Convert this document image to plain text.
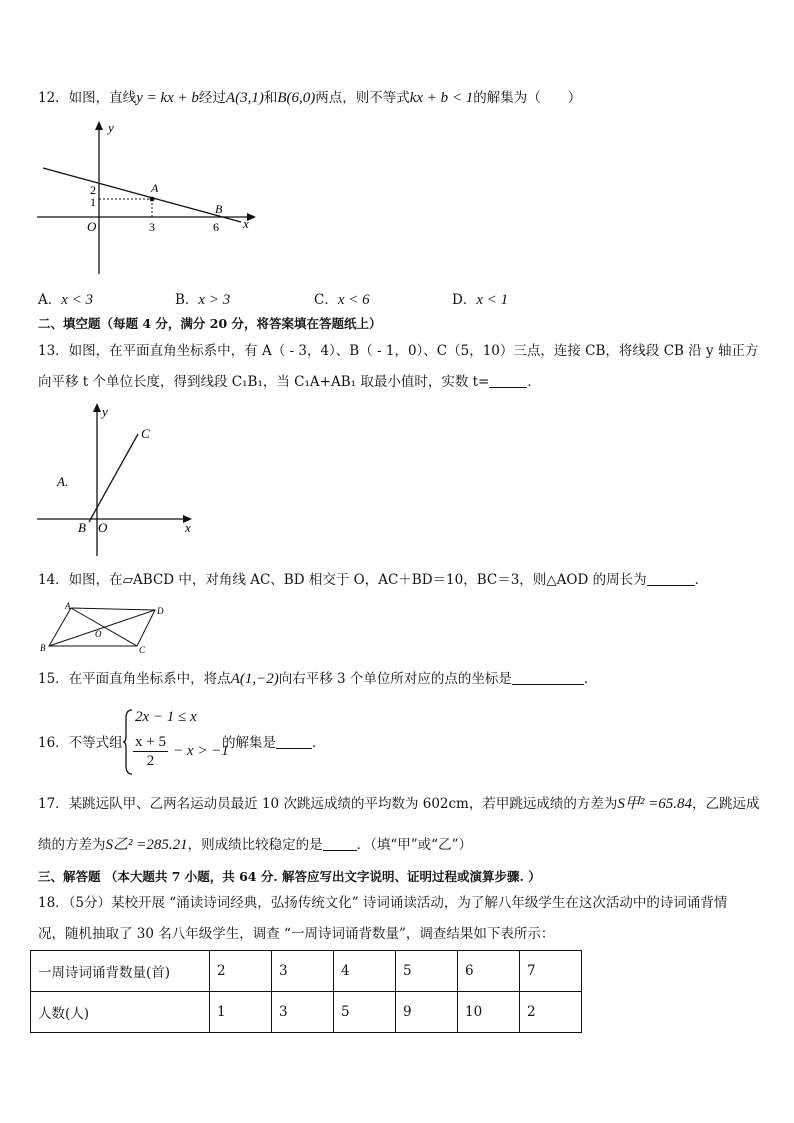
12．如图，直线y = kx + b经过A(3,1)和B(6,0)两点，则不等式kx + b < 1的解集为（　　）
y
x
O
2
1
3	6
A
B
A．x < 3	B．x > 3	C．x < 6	D．x < 1
二、填空题（每题 4 分，满分 20 分，将答案填在答题纸上）
13．如图，在平面直角坐标系中，有 A（ - 3，4）、B（ - 1，0）、C（5，10）三点，连接 CB，将线段 CB 沿 y 轴正方
向平移 t 个单位长度，得到线段 C₁B₁，当 C₁A+AB₁ 取最小值时，实数 t=	．
y
x
O
B
C
A.
14．如图，在▱ABCD 中，对角线 AC、BD 相交于 O，AC＋BD＝10，BC＝3，则△AOD 的周长为	．
A	D
B	C
O
15．在平面直角坐标系中，将点A(1,−2)向右平移 3 个单位所对应的点的坐标是	．
16．不等式组
2x − 1 ≤ x
$\frac{x + 5}{2} - x > -1$
的解集是	．
17．某跳远队甲、乙两名运动员最近 10 次跳远成绩的平均数为 602cm，若甲跳远成绩的方差为S甲² =65.84，乙跳远成
绩的方差为S乙² =285.21，则成绩比较稳定的是	．（填“甲”或“乙”）
三、解答题 （本大题共 7 小题，共 64 分. 解答应写出文字说明、证明过程或演算步骤. ）
18．（5分）某校开展 “涌读诗词经典，弘扬传统文化” 诗词诵读活动，为了解八年级学生在这次活动中的诗词诵背情
况，随机抽取了 30 名八年级学生，调查 “一周诗词诵背数量”，调查结果如下表所示：
一周诗词诵背数量(首)	2	3	4	5	6	7
人数(人)	1	3	5	9	10	2
